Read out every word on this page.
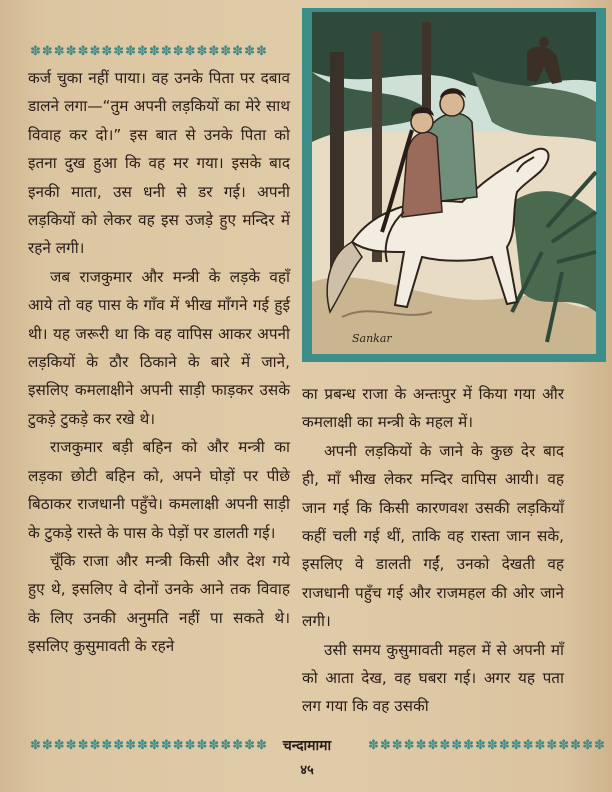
✽✽✽✽✽✽✽✽✽✽✽✽✽✽✽✽✽✽✽✽

कर्ज चुका नहीं पाया। वह उनके पिता पर दबाव डालने लगा—“तुम अपनी लड़कियों का मेरे साथ विवाह कर दो।” इस बात से उनके पिता को इतना दुख हुआ कि वह मर गया। इसके बाद इनकी माता, उस धनी से डर गई। अपनी लड़कियों को लेकर वह इस उजड़े हुए मन्दिर में रहने लगी।

जब राजकुमार और मन्त्री के लड़के वहाँ आये तो वह पास के गाँव में भीख माँगने गई हुई थी। यह जरूरी था कि वह वापिस आकर अपनी लड़कियों के ठौर ठिकाने के बारे में जाने, इसलिए कमलाक्षीने अपनी साड़ी फाड़कर उसके टुकड़े टुकड़े कर रखे थे।

राजकुमार बड़ी बहिन को और मन्त्री का लड़का छोटी बहिन को, अपने घोड़ों पर पीछे बिठाकर राजधानी पहुँचे। कमलाक्षी अपनी साड़ी के टुकड़े रास्ते के पास के पेड़ों पर डालती गई।

चूँकि राजा और मन्त्री किसी और देश गये हुए थे, इसलिए वे दोनों उनके आने तक विवाह के लिए उनकी अनुमति नहीं पा सकते थे। इसलिए कुसुमावती के रहने

Sankar

का प्रबन्ध राजा के अन्तःपुर में किया गया और कमलाक्षी का मन्त्री के महल में।

अपनी लड़कियों के जाने के कुछ देर बाद ही, माँ भीख लेकर मन्दिर वापिस आयी। वह जान गई कि किसी कारणवश उसकी लड़कियाँ कहीं चली गई थीं, ताकि वह रास्ता जान सके, इसलिए वे डालती गईं, उनको देखती वह राजधानी पहुँच गई और राजमहल की ओर जाने लगी।

उसी समय कुसुमावती महल में से अपनी माँ को आता देख, वह घबरा गई। अगर यह पता लग गया कि वह उसकी

✽✽✽✽✽✽✽✽✽✽✽✽✽✽✽✽✽✽✽✽	चन्दामामा
४५
✽✽✽✽✽✽✽✽✽✽✽✽✽✽✽✽✽✽✽✽
